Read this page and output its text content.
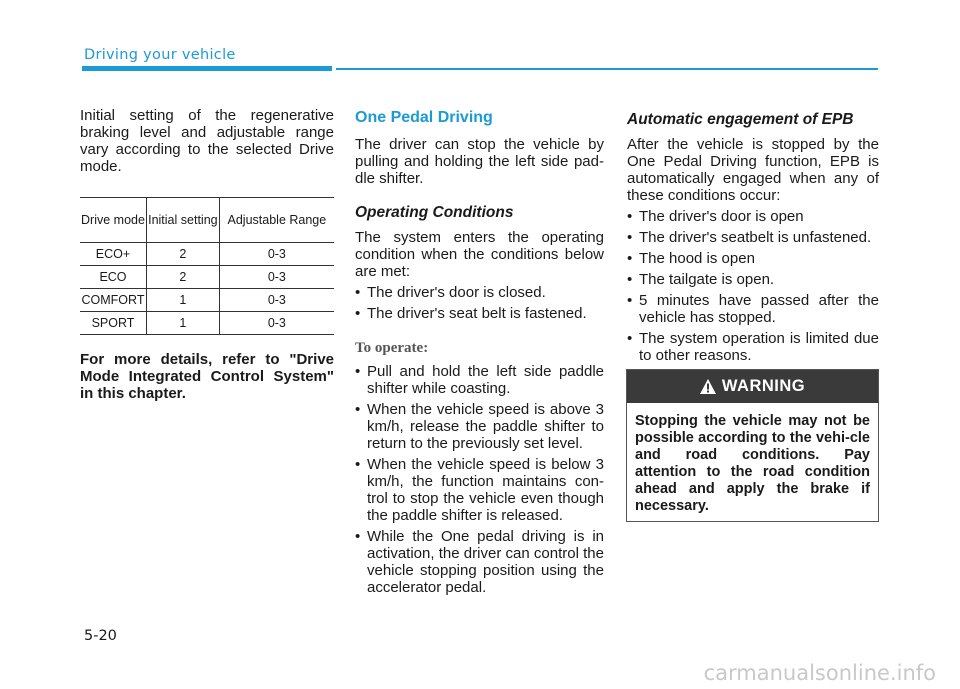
Driving your vehicle

Initial setting of the regenerative braking level and adjustable range vary according to the selected Drive mode.

Drive mode	Initial setting	Adjustable Range
ECO+	2	0-3
ECO	2	0-3
COMFORT	1	0-3
SPORT	1	0-3

For more details, refer to "Drive Mode Integrated Control System" in this chapter.

One Pedal Driving

The driver can stop the vehicle by pulling and holding the left side pad-dle shifter.

Operating Conditions

The system enters the operating condition when the conditions below are met:

• The driver's door is closed.
• The driver's seat belt is fastened.
To operate:
• Pull and hold the left side paddle shifter while coasting.
• When the vehicle speed is above 3 km/h, release the paddle shifter to return to the previously set level.
• When the vehicle speed is below 3 km/h, the function maintains con-trol to stop the vehicle even though the paddle shifter is released.
• While the One pedal driving is in activation, the driver can control the vehicle stopping position using the accelerator pedal.
Automatic engagement of EPB

After the vehicle is stopped by the One Pedal Driving function, EPB is automatically engaged when any of these conditions occur:

• The driver's door is open
• The driver's seatbelt is unfastened.
• The hood is open
• The tailgate is open.
• 5 minutes have passed after the vehicle has stopped.
• The system operation is limited due to other reasons.
WARNING
Stopping the vehicle may not be possible according to the vehi-cle and road conditions. Pay attention to the road condition ahead and apply the brake if necessary.
5-20
carmanualsonline.info
